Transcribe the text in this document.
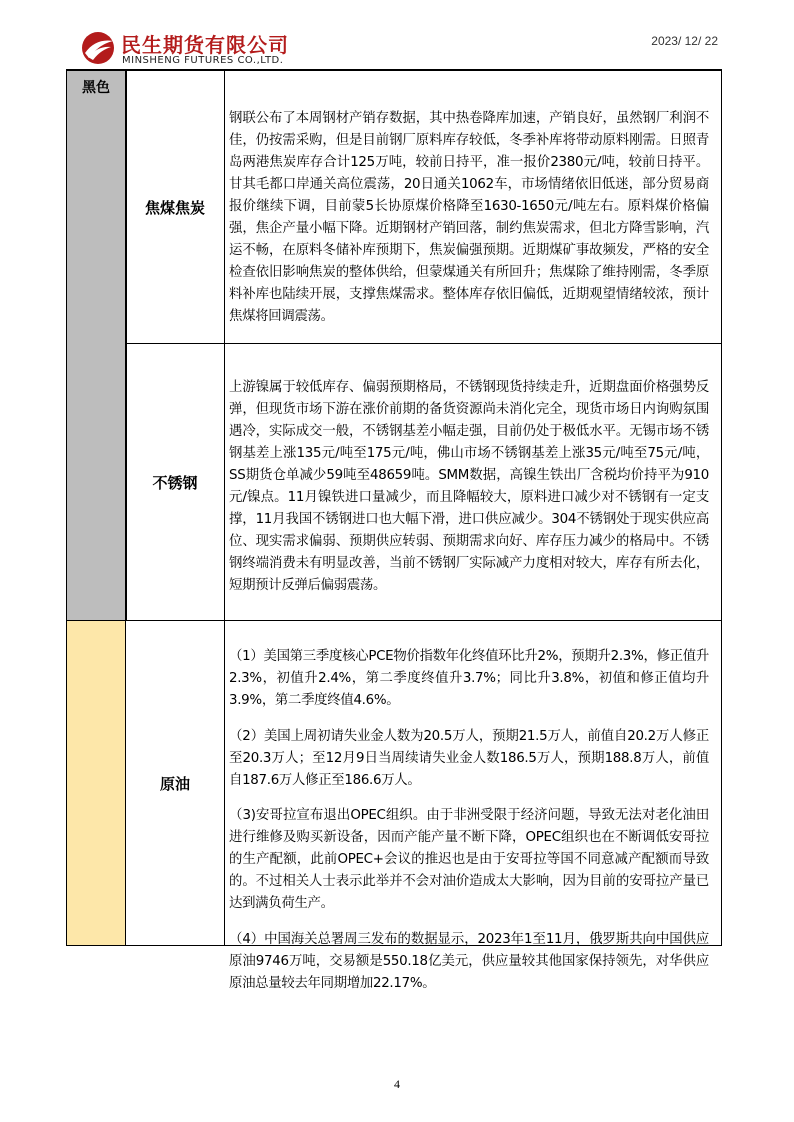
民生期货有限公司
MINSHENG FUTURES CO.,LTD.
2023/ 12/ 22
黑色
焦煤焦炭

钢联公布了本周钢材产销存数据，其中热卷降库加速，产销良好，虽然钢厂利润不佳，仍按需采购，但是目前钢厂原料库存较低，冬季补库将带动原料刚需。日照青岛两港焦炭库存合计125万吨，较前日持平，准一报价2380元/吨，较前日持平。甘其毛都口岸通关高位震荡，20日通关1062车，市场情绪依旧低迷，部分贸易商报价继续下调，目前蒙5长协原煤价格降至1630-1650元/吨左右。原料煤价格偏强，焦企产量小幅下降。近期钢材产销回落，制约焦炭需求，但北方降雪影响，汽运不畅，在原料冬储补库预期下，焦炭偏强预期。近期煤矿事故频发，严格的安全检查依旧影响焦炭的整体供给，但蒙煤通关有所回升；焦煤除了维持刚需，冬季原料补库也陆续开展，支撑焦煤需求。整体库存依旧偏低，近期观望情绪较浓，预计焦煤将回调震荡。

不锈钢

上游镍属于较低库存、偏弱预期格局，不锈钢现货持续走升，近期盘面价格强势反弹，但现货市场下游在涨价前期的备货资源尚未消化完全，现货市场日内询购氛围遇冷，实际成交一般，不锈钢基差小幅走强，目前仍处于极低水平。无锡市场不锈钢基差上涨135元/吨至175元/吨，佛山市场不锈钢基差上涨35元/吨至75元/吨，SS期货仓单减少59吨至48659吨。SMM数据，高镍生铁出厂含税均价持平为910元/镍点。11月镍铁进口量减少，而且降幅较大，原料进口减少对不锈钢有一定支撑，11月我国不锈钢进口也大幅下滑，进口供应减少。304不锈钢处于现实供应高位、现实需求偏弱、预期供应转弱、预期需求向好、库存压力减少的格局中。不锈钢终端消费未有明显改善，当前不锈钢厂实际减产力度相对较大，库存有所去化，短期预计反弹后偏弱震荡。

原油

（1）美国第三季度核心PCE物价指数年化终值环比升2%，预期升2.3%，修正值升2.3%，初值升2.4%，第二季度终值升3.7%；同比升3.8%，初值和修正值均升3.9%，第二季度终值4.6%。

（2）美国上周初请失业金人数为20.5万人，预期21.5万人，前值自20.2万人修正至20.3万人；至12月9日当周续请失业金人数186.5万人，预期188.8万人，前值自187.6万人修正至186.6万人。

（3)安哥拉宣布退出OPEC组织。由于非洲受限于经济问题，导致无法对老化油田进行维修及购买新设备，因而产能产量不断下降，OPEC组织也在不断调低安哥拉的生产配额，此前OPEC+会议的推迟也是由于安哥拉等国不同意减产配额而导致的。不过相关人士表示此举并不会对油价造成太大影响，因为目前的安哥拉产量已达到满负荷生产。

（4）中国海关总署周三发布的数据显示，2023年1至11月，俄罗斯共向中国供应原油9746万吨，交易额是550.18亿美元，供应量较其他国家保持领先，对华供应原油总量较去年同期增加22.17%。

4
